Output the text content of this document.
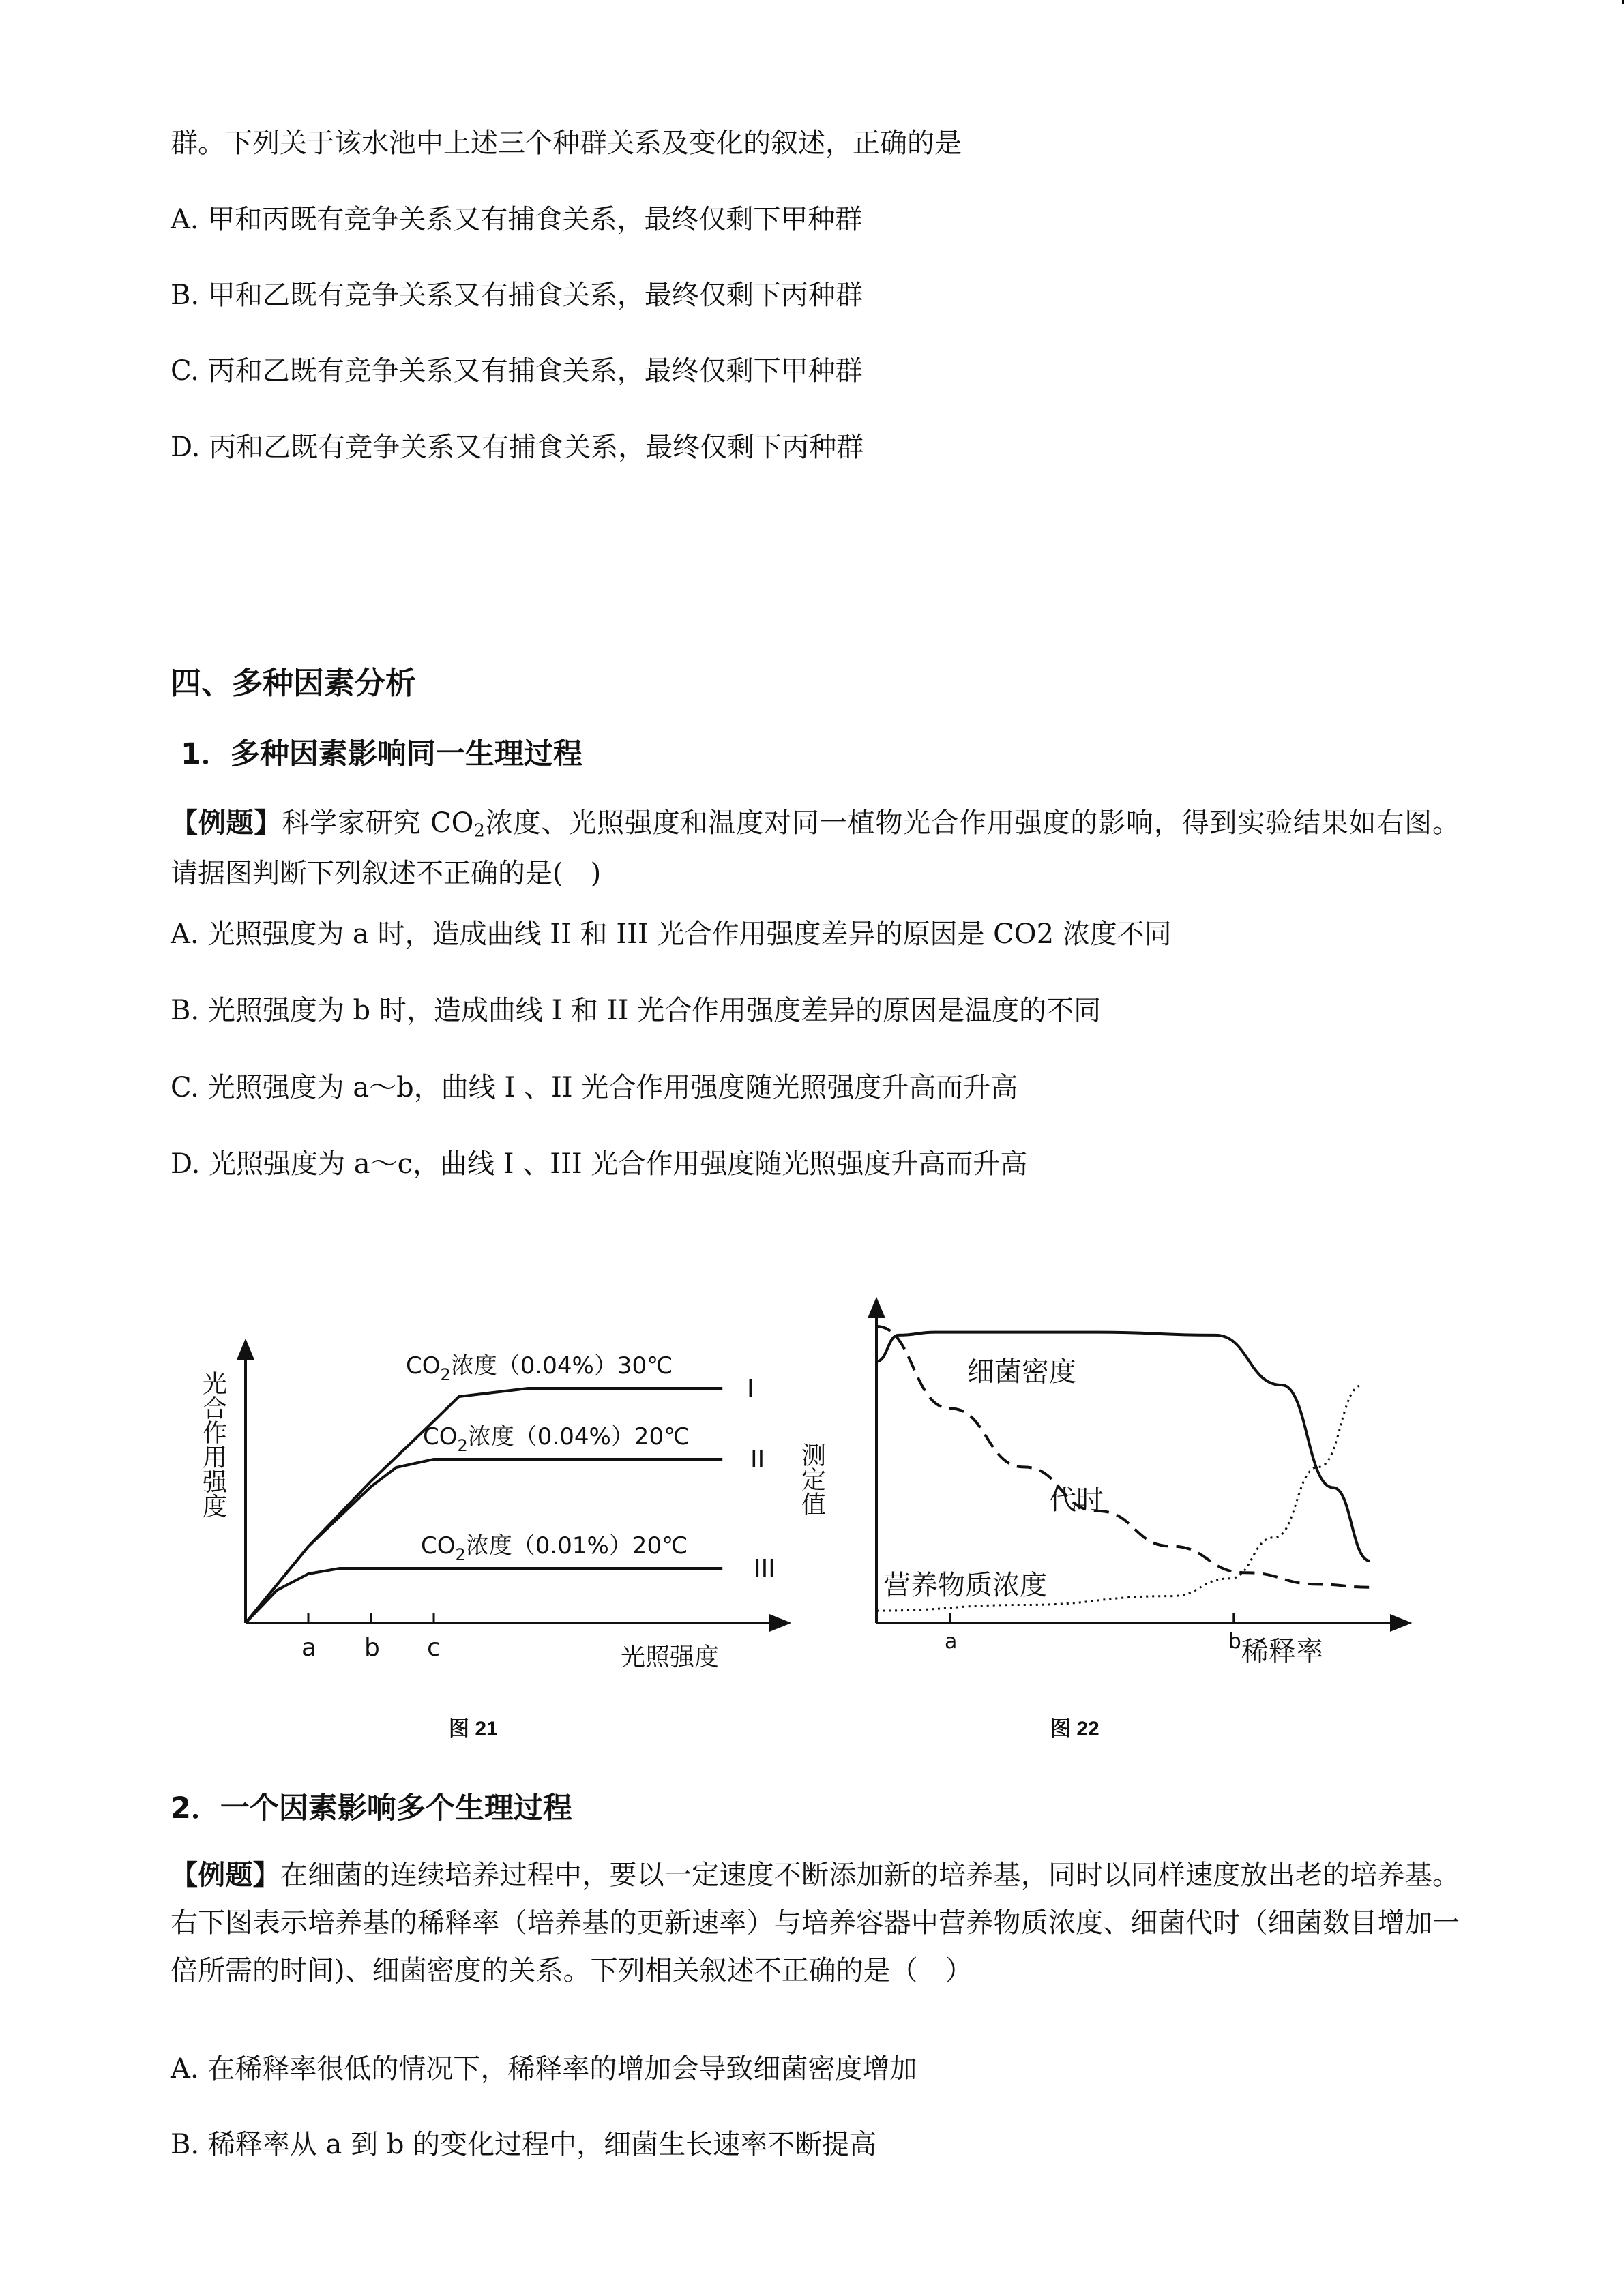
群。下列关于该水池中上述三个种群关系及变化的叙述，正确的是

A. 甲和丙既有竞争关系又有捕食关系，最终仅剩下甲种群

B. 甲和乙既有竞争关系又有捕食关系，最终仅剩下丙种群

C. 丙和乙既有竞争关系又有捕食关系，最终仅剩下甲种群

D. 丙和乙既有竞争关系又有捕食关系，最终仅剩下丙种群

四、多种因素分析
1．多种因素影响同一生理过程

【例题】科学家研究 $CO_2$浓度、光照强度和温度对同一植物光合作用强度的影响，得到实验结果如右图。请据图判断下列叙述不正确的是(　)

A. 光照强度为 a 时，造成曲线 II 和 III 光合作用强度差异的原因是 CO2 浓度不同

B. 光照强度为 b 时，造成曲线 I 和 II 光合作用强度差异的原因是温度的不同

C. 光照强度为 a～b，曲线 I 、II 光合作用强度随光照强度升高而升高

D. 光照强度为 a～c，曲线 I 、III 光合作用强度随光照强度升高而升高

光合作用强度
光照强度
a b c
$CO_2$浓度（0.04%）30℃
I
$CO_2$浓度（0.04%）20℃
II
$CO_2$浓度（0.01%）20℃
III

图 21

测定值
稀释率
a	b
细菌密度
代时
营养物质浓度

图 22

2．一个因素影响多个生理过程

【例题】在细菌的连续培养过程中，要以一定速度不断添加新的培养基，同时以同样速度放出老的培养基。右下图表示培养基的稀释率（培养基的更新速率）与培养容器中营养物质浓度、细菌代时（细菌数目增加一倍所需的时间)、细菌密度的关系。下列相关叙述不正确的是（　）

A. 在稀释率很低的情况下，稀释率的增加会导致细菌密度增加

B. 稀释率从 a 到 b 的变化过程中，细菌生长速率不断提高
